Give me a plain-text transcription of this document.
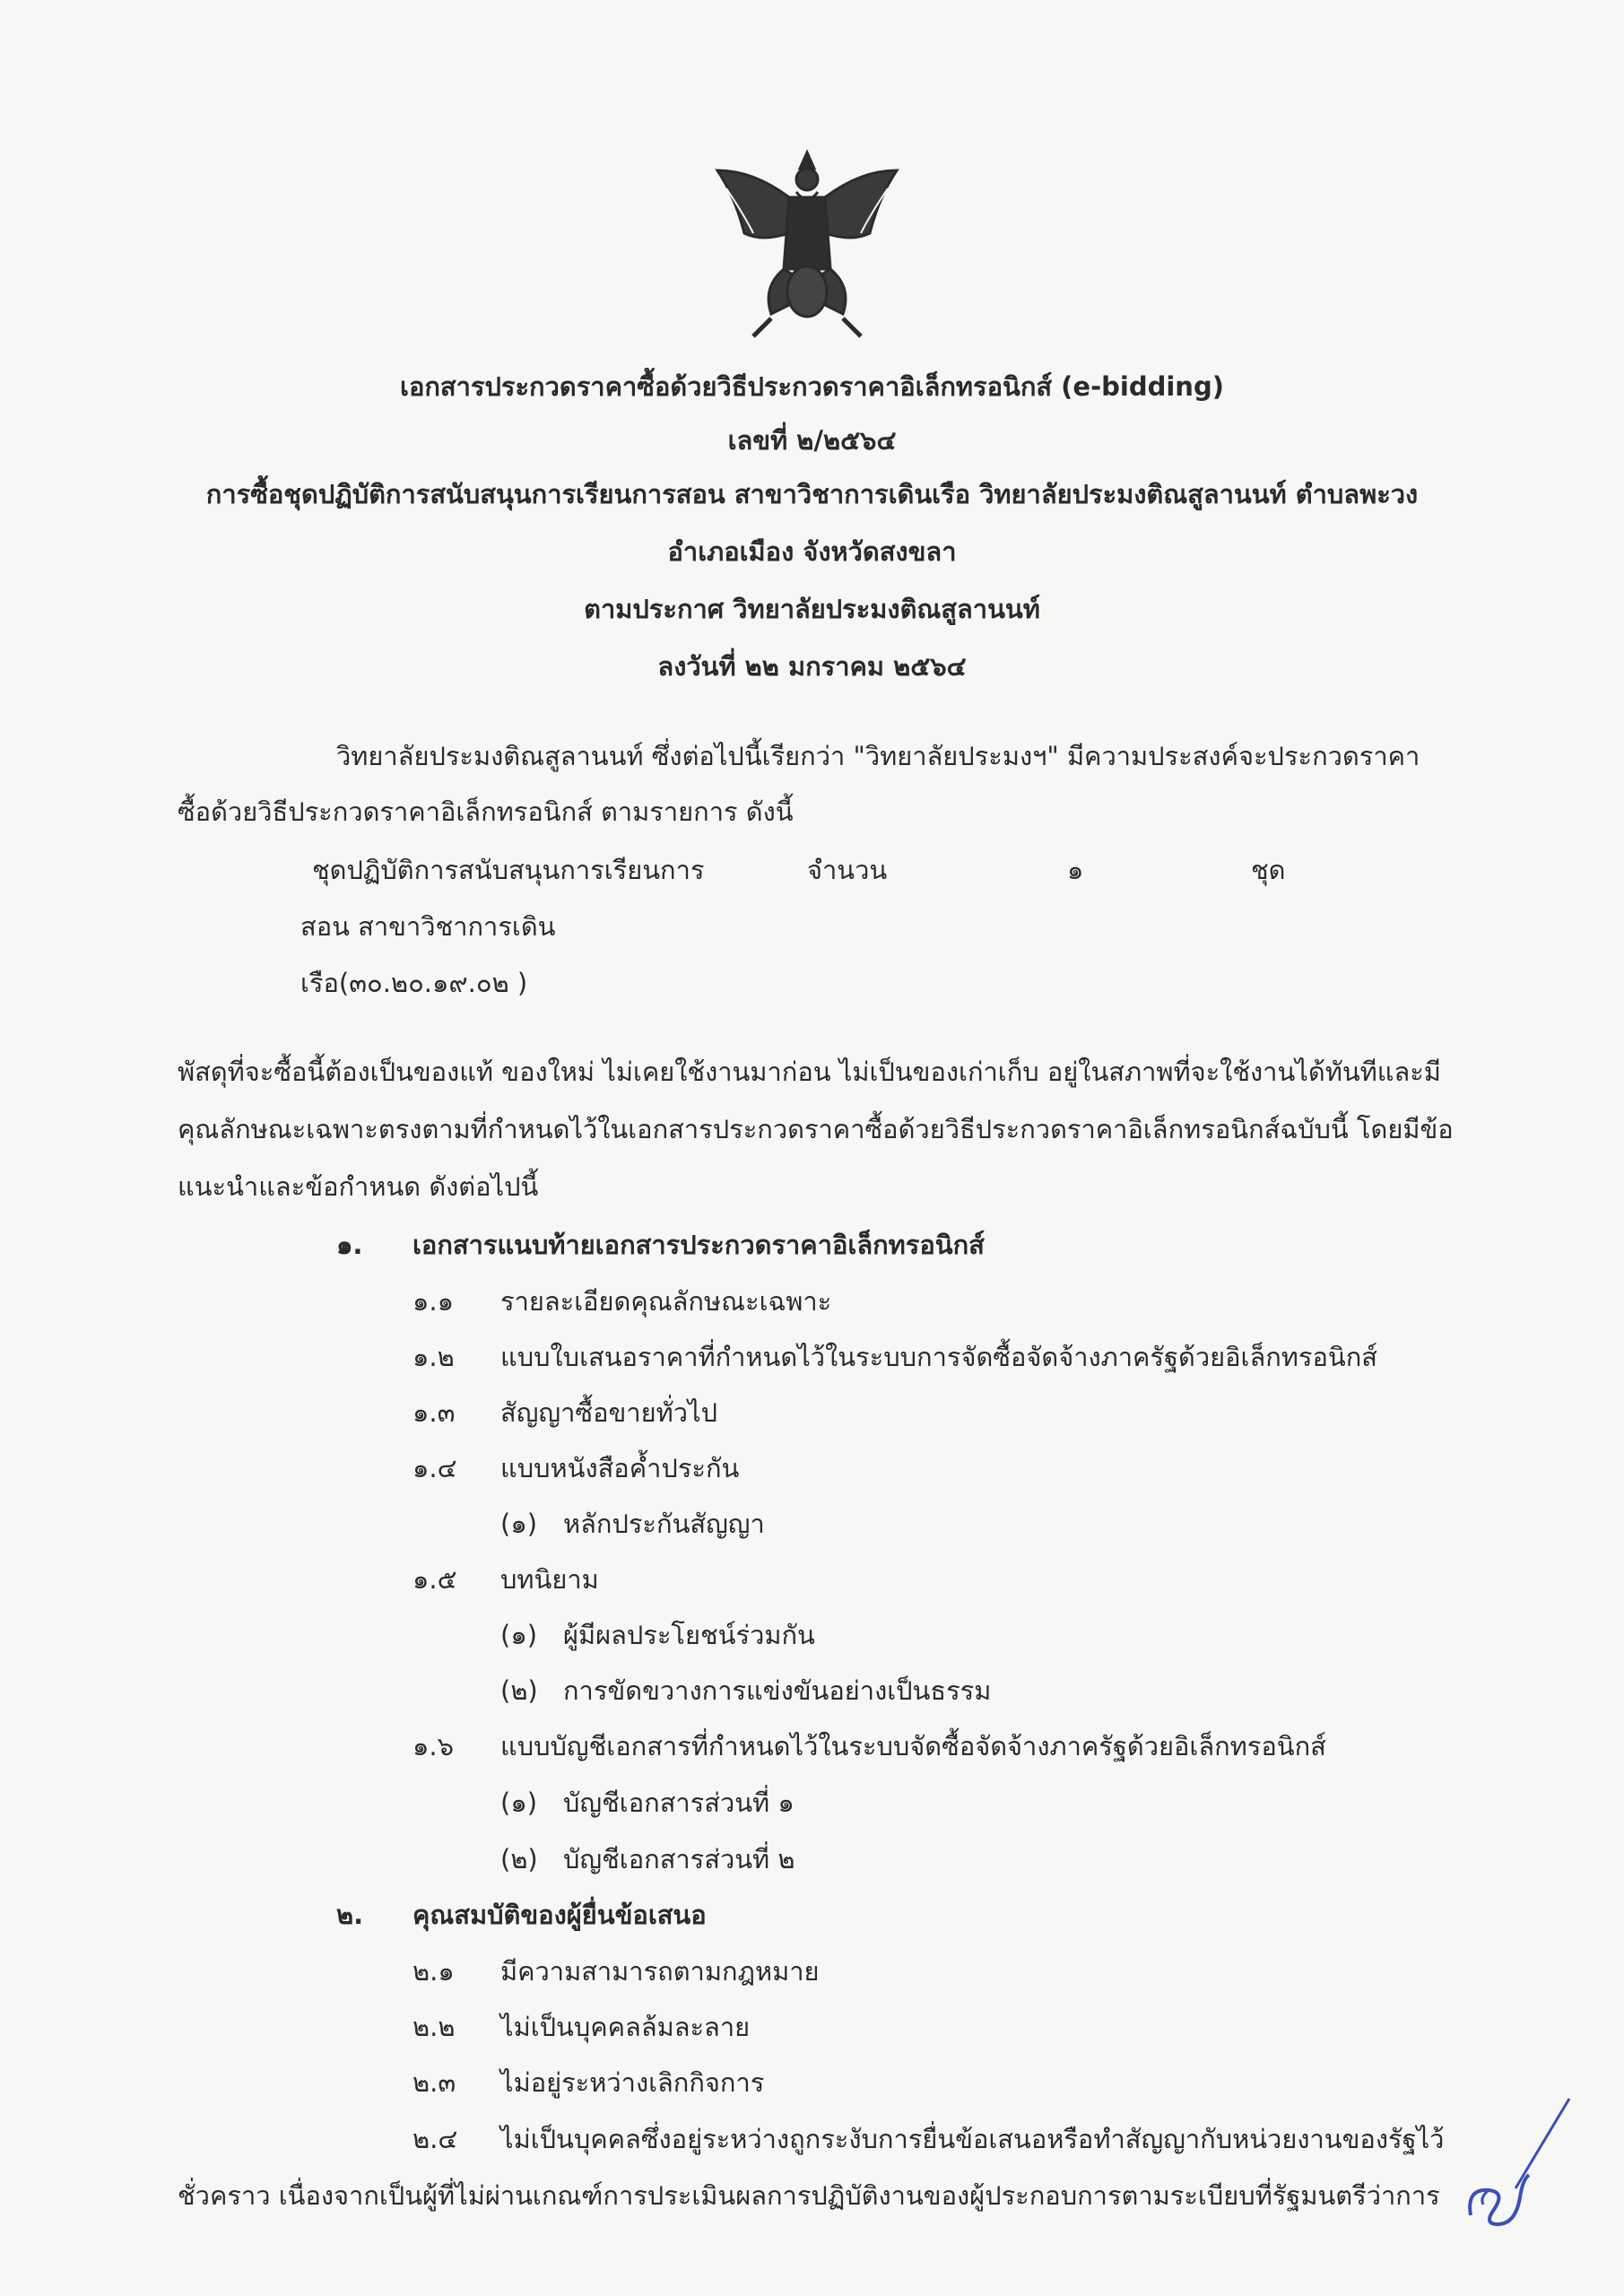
เอกสารประกวดราคาซื้อด้วยวิธีประกวดราคาอิเล็กทรอนิกส์ (e-bidding)
เลขที่ ๒/๒๕๖๔
การซื้อชุดปฏิบัติการสนับสนุนการเรียนการสอน สาขาวิชาการเดินเรือ วิทยาลัยประมงติณสูลานนท์ ตำบลพะวง
อำเภอเมือง จังหวัดสงขลา
ตามประกาศ วิทยาลัยประมงติณสูลานนท์
ลงวันที่ ๒๒ มกราคม ๒๕๖๔
วิทยาลัยประมงติณสูลานนท์ ซึ่งต่อไปนี้เรียกว่า "วิทยาลัยประมงฯ" มีความประสงค์จะประกวดราคา
ซื้อด้วยวิธีประกวดราคาอิเล็กทรอนิกส์ ตามรายการ ดังนี้
ชุดปฏิบัติการสนับสนุนการเรียนการ
สอน สาขาวิชาการเดิน
เรือ(๓๐.๒๐.๑๙.๐๒ )
จำนวน	๑	ชุด
พัสดุที่จะซื้อนี้ต้องเป็นของแท้ ของใหม่ ไม่เคยใช้งานมาก่อน ไม่เป็นของเก่าเก็บ อยู่ในสภาพที่จะใช้งานได้ทันทีและมี
คุณลักษณะเฉพาะตรงตามที่กำหนดไว้ในเอกสารประกวดราคาซื้อด้วยวิธีประกวดราคาอิเล็กทรอนิกส์ฉบับนี้ โดยมีข้อ
แนะนำและข้อกำหนด ดังต่อไปนี้
๑. เอกสารแนบท้ายเอกสารประกวดราคาอิเล็กทรอนิกส์
๑.๑ รายละเอียดคุณลักษณะเฉพาะ
๑.๒ แบบใบเสนอราคาที่กำหนดไว้ในระบบการจัดซื้อจัดจ้างภาครัฐด้วยอิเล็กทรอนิกส์
๑.๓ สัญญาซื้อขายทั่วไป
๑.๔ แบบหนังสือค้ำประกัน
(๑) หลักประกันสัญญา
๑.๕ บทนิยาม
(๑) ผู้มีผลประโยชน์ร่วมกัน
(๒) การขัดขวางการแข่งขันอย่างเป็นธรรม
๑.๖ แบบบัญชีเอกสารที่กำหนดไว้ในระบบจัดซื้อจัดจ้างภาครัฐด้วยอิเล็กทรอนิกส์
(๑) บัญชีเอกสารส่วนที่ ๑
(๒) บัญชีเอกสารส่วนที่ ๒
๒. คุณสมบัติของผู้ยื่นข้อเสนอ
๒.๑ มีความสามารถตามกฎหมาย
๒.๒ ไม่เป็นบุคคลล้มละลาย
๒.๓ ไม่อยู่ระหว่างเลิกกิจการ
๒.๔ ไม่เป็นบุคคลซึ่งอยู่ระหว่างถูกระงับการยื่นข้อเสนอหรือทำสัญญากับหน่วยงานของรัฐไว้
ชั่วคราว เนื่องจากเป็นผู้ที่ไม่ผ่านเกณฑ์การประเมินผลการปฏิบัติงานของผู้ประกอบการตามระเบียบที่รัฐมนตรีว่าการ
